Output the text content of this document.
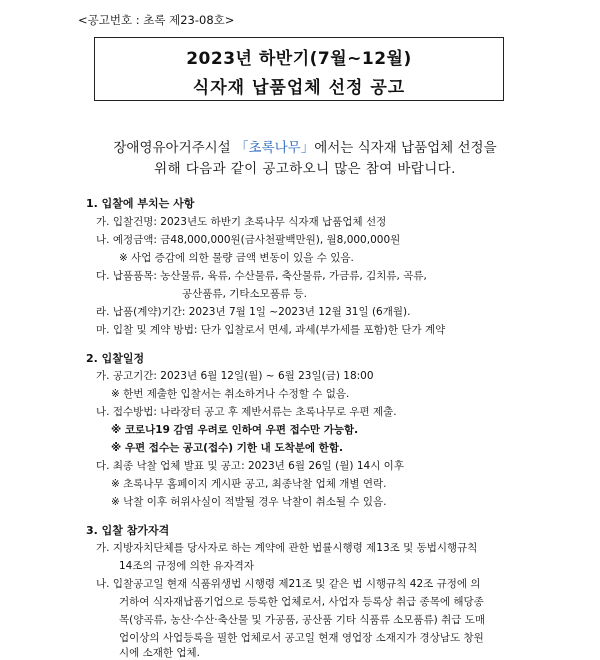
<공고번호 : 초록 제23-08호>
2023년 하반기(7월~12월)
식자재 납품업체 선정 공고
장애영유아거주시설 「초록나무」에서는 식자재 납품업체 선정을
위해 다음과 같이 공고하오니 많은 참여 바랍니다.
1. 입찰에 부치는 사항
가. 입찰건명: 2023년도 하반기 초록나무 식자재 납품업체 선정
나. 예정금액: 금48,000,000원(금사천팔백만원), 월8,000,000원
※ 사업 증감에 의한 물량 금액 변동이 있을 수 있음.
다. 납품품목: 농산물류, 육류, 수산물류, 축산물류, 가금류, 김치류, 곡류,
공산품류, 기타소모품류 등.
라. 납품(계약)기간: 2023년 7월 1일 ~2023년 12월 31일 (6개월).
마. 입찰 및 계약 방법: 단가 입찰로서 면세, 과세(부가세를 포함)한 단가 계약
2. 입찰일정
가. 공고기간: 2023년 6월 12일(월) ~ 6월 23일(금) 18:00
※ 한번 제출한 입찰서는 취소하거나 수정할 수 없음.
나. 접수방법: 나라장터 공고 후 제반서류는 초록나무로 우편 제출.
※ 코로나19 감염 우려로 인하여 우편 접수만 가능함.
※ 우편 접수는 공고(접수) 기한 내 도착분에 한함.
다. 최종 낙찰 업체 발표 및 공고: 2023년 6월 26일 (월) 14시 이후
※ 초록나무 홈페이지 게시판 공고, 최종낙찰 업체 개별 연락.
※ 낙찰 이후 허위사실이 적발될 경우 낙찰이 취소될 수 있음.
3. 입찰 참가자격
가. 지방자치단체를 당사자로 하는 계약에 관한 법률시행령 제13조 및 동법시행규칙
14조의 규정에 의한 유자격자
나. 입찰공고일 현재 식품위생법 시행령 제21조 및 같은 법 시행규칙 42조 규정에 의
거하여 식자재납품기업으로 등록한 업체로서, 사업자 등록상 취급 종목에 해당종
목(양곡류, 농산·수산·축산물 및 가공품, 공산품 기타 식품류 소모품류) 취급 도매
업이상의 사업등록을 필한 업체로서 공고일 현재 영업장 소재지가 경상남도 창원
시에 소재한 업체.
